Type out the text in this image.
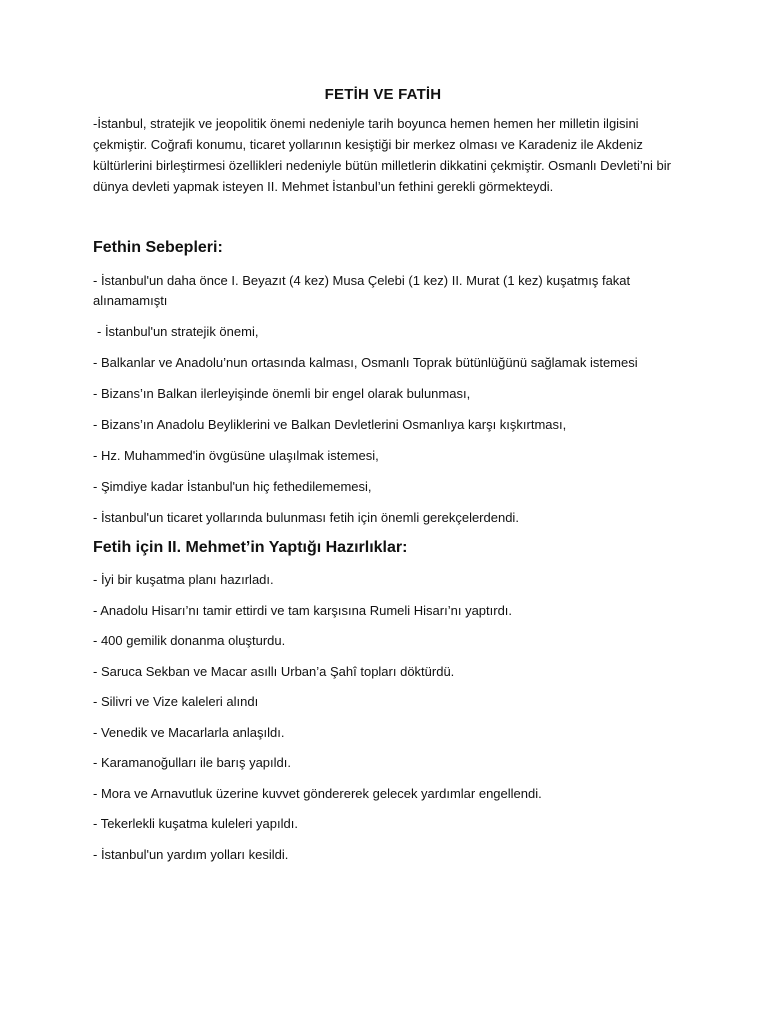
FETİH VE FATİH

-İstanbul, stratejik ve jeopolitik önemi nedeniyle tarih boyunca hemen hemen her milletin ilgisini çekmiştir. Coğrafi konumu, ticaret yollarının kesiştiği bir merkez olması ve Karadeniz ile Akdeniz kültürlerini birleştirmesi özellikleri nedeniyle bütün milletlerin dikkatini çekmiştir. Osmanlı Devleti’ni bir dünya devleti yapmak isteyen II. Mehmet İstanbul’un fethini gerekli görmekteydi.

Fethin Sebepleri:

- İstanbul'un daha önce I. Beyazıt (4 kez) Musa Çelebi (1 kez) II. Murat (1 kez) kuşatmış fakat alınamamıştı

- İstanbul'un stratejik önemi,

- Balkanlar ve Anadolu’nun ortasında kalması, Osmanlı Toprak bütünlüğünü sağlamak istemesi

- Bizans’ın Balkan ilerleyişinde önemli bir engel olarak bulunması,

- Bizans’ın Anadolu Beyliklerini ve Balkan Devletlerini Osmanlıya karşı kışkırtması,

- Hz. Muhammed'in övgüsüne ulaşılmak istemesi,

- Şimdiye kadar İstanbul'un hiç fethedilememesi,

- İstanbul'un ticaret yollarında bulunması fetih için önemli gerekçelerdendi.

Fetih için II. Mehmet’in Yaptığı Hazırlıklar:

- İyi bir kuşatma planı hazırladı.

- Anadolu Hisarı’nı tamir ettirdi ve tam karşısına Rumeli Hisarı’nı yaptırdı.

- 400 gemilik donanma oluşturdu.

- Saruca Sekban ve Macar asıllı Urban’a Şahî topları döktürdü.

- Silivri ve Vize kaleleri alındı

- Venedik ve Macarlarla anlaşıldı.

- Karamanoğulları ile barış yapıldı.

- Mora ve Arnavutluk üzerine kuvvet göndererek gelecek yardımlar engellendi.

- Tekerlekli kuşatma kuleleri yapıldı.

- İstanbul'un yardım yolları kesildi.
